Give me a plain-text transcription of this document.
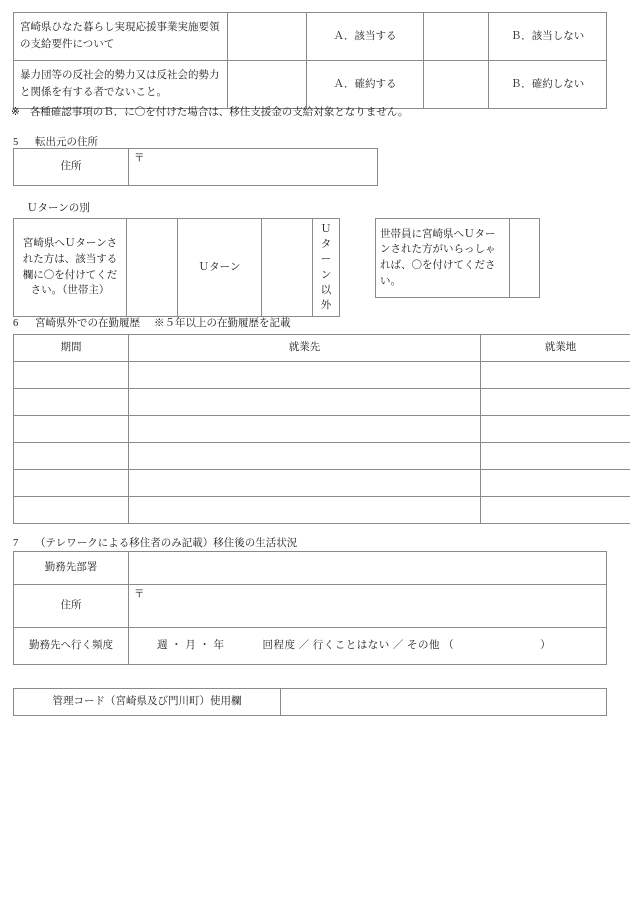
宮崎県ひなた暮らし実現応援事業実施要領の支給要件について		Ａ．該当する		Ｂ．該当しない
暴力団等の反社会的勢力又は反社会的勢力と関係を有する者でないこと。		Ａ．確約する		Ｂ．確約しない
※ 各種確認事項のＢ．に〇を付けた場合は、移住支援金の支給対象となりません。
5 転出元の住所
住所	〒
Ｕターンの別
宮崎県へＵターンされた方は、該当する欄に〇を付けてください。（世帯主）		Ｕターン		Ｕターン以外
世帯員に宮崎県へＵターンされた方がいらっしゃれば、〇を付けてください。	
6 宮崎県外での在勤履歴 ※５年以上の在勤履歴を記載
期間	就業先	就業地

7 （テレワークによる移住者のみ記載）移住後の生活状況
勤務先部署	
住所	〒
勤務先へ行く頻度	週 ・ 月 ・ 年 回程度 ／ 行くことはない ／ その他 （ ）
管理コード（宮崎県及び門川町）使用欄	
